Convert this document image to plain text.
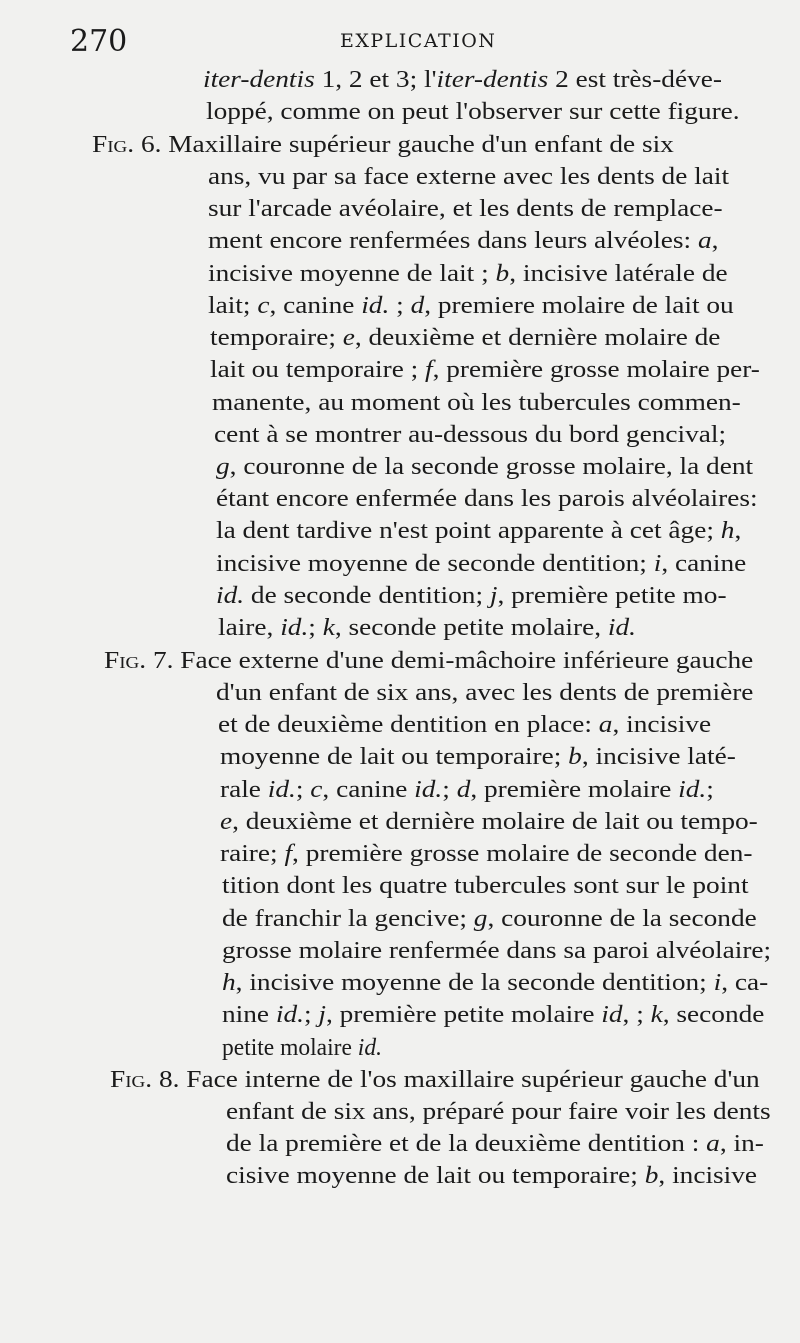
270	EXPLICATION
iter-dentis 1, 2 et 3; l'iter-dentis 2 est très-déve-
loppé, comme on peut l'observer sur cette figure.
Fig. 6. Maxillaire supérieur gauche d'un enfant de six
ans, vu par sa face externe avec les dents de lait
sur l'arcade avéolaire, et les dents de remplace-
ment encore renfermées dans leurs alvéoles: a,
incisive moyenne de lait ; b, incisive latérale de
lait; c, canine id. ; d, premiere molaire de lait ou
temporaire; e, deuxième et dernière molaire de
lait ou temporaire ; f, première grosse molaire per-
manente, au moment où les tubercules commen-
cent à se montrer au-dessous du bord gencival;
g, couronne de la seconde grosse molaire, la dent
étant encore enfermée dans les parois alvéolaires:
la dent tardive n'est point apparente à cet âge; h,
incisive moyenne de seconde dentition; i, canine
id. de seconde dentition; j, première petite mo-
laire, id.; k, seconde petite molaire, id.
Fig. 7. Face externe d'une demi-mâchoire inférieure gauche
d'un enfant de six ans, avec les dents de première
et de deuxième dentition en place: a, incisive
moyenne de lait ou temporaire; b, incisive laté-
rale id.; c, canine id.; d, première molaire id.;
e, deuxième et dernière molaire de lait ou tempo-
raire; f, première grosse molaire de seconde den-
tition dont les quatre tubercules sont sur le point
de franchir la gencive; g, couronne de la seconde
grosse molaire renfermée dans sa paroi alvéolaire;
h, incisive moyenne de la seconde dentition; i, ca-
nine id.; j, première petite molaire id, ; k, seconde
petite molaire id.
Fig. 8. Face interne de l'os maxillaire supérieur gauche d'un
enfant de six ans, préparé pour faire voir les dents
de la première et de la deuxième dentition : a, in-
cisive moyenne de lait ou temporaire; b, incisive
